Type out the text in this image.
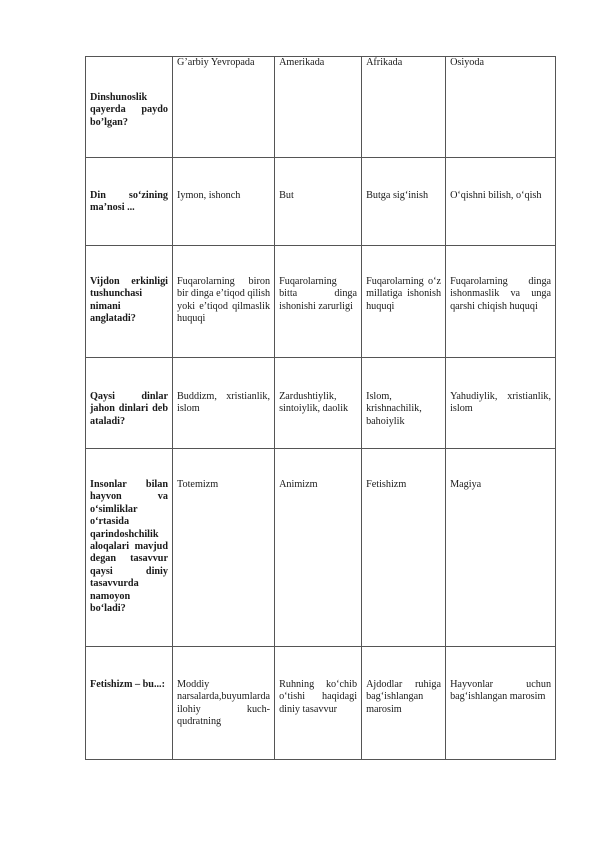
Dinshunoslik qayerda paydo bo’lgan?	G’arbiy Yevropada	Amerikada	Afrikada	Osiyoda

Din so‘zining ma’nosi ...	Iymon, ishonch	But	Butga sig‘inish	O‘qishni bilish, o‘qish

Vijdon erkinligi tushunchasi nimani anglatadi?	Fuqarolarning biron bir dinga e’tiqod qilish yoki e’tiqod qilmaslik huquqi	Fuqarolarning bitta dinga ishonishi zarurligi	Fuqarolarning o‘z millatiga ishonish huquqi	Fuqarolarning dinga ishonmaslik va unga qarshi chiqish huquqi

Qaysi dinlar jahon dinlari deb ataladi?	Buddizm, xristianlik, islom	Zardushtiylik, sintoiylik, daolik	Islom, krishnachilik, bahoiylik	Yahudiylik, xristianlik, islom

Insonlar bilan hayvon va o‘simliklar o‘rtasida qarindoshchilik aloqalari mavjud degan tasavvur qaysi diniy tasavvurda namoyon bo‘ladi?	Totemizm	Animizm	Fetishizm	Magiya

Fetishizm – bu...:	Moddiy narsalarda,buyumlarda ilohiy kuch-qudratning	Ruhning ko‘chib o‘tishi haqidagi diniy tasavvur	Ajdodlar ruhiga bag‘ishlangan marosim	Hayvonlar uchun bag‘ishlangan marosim
